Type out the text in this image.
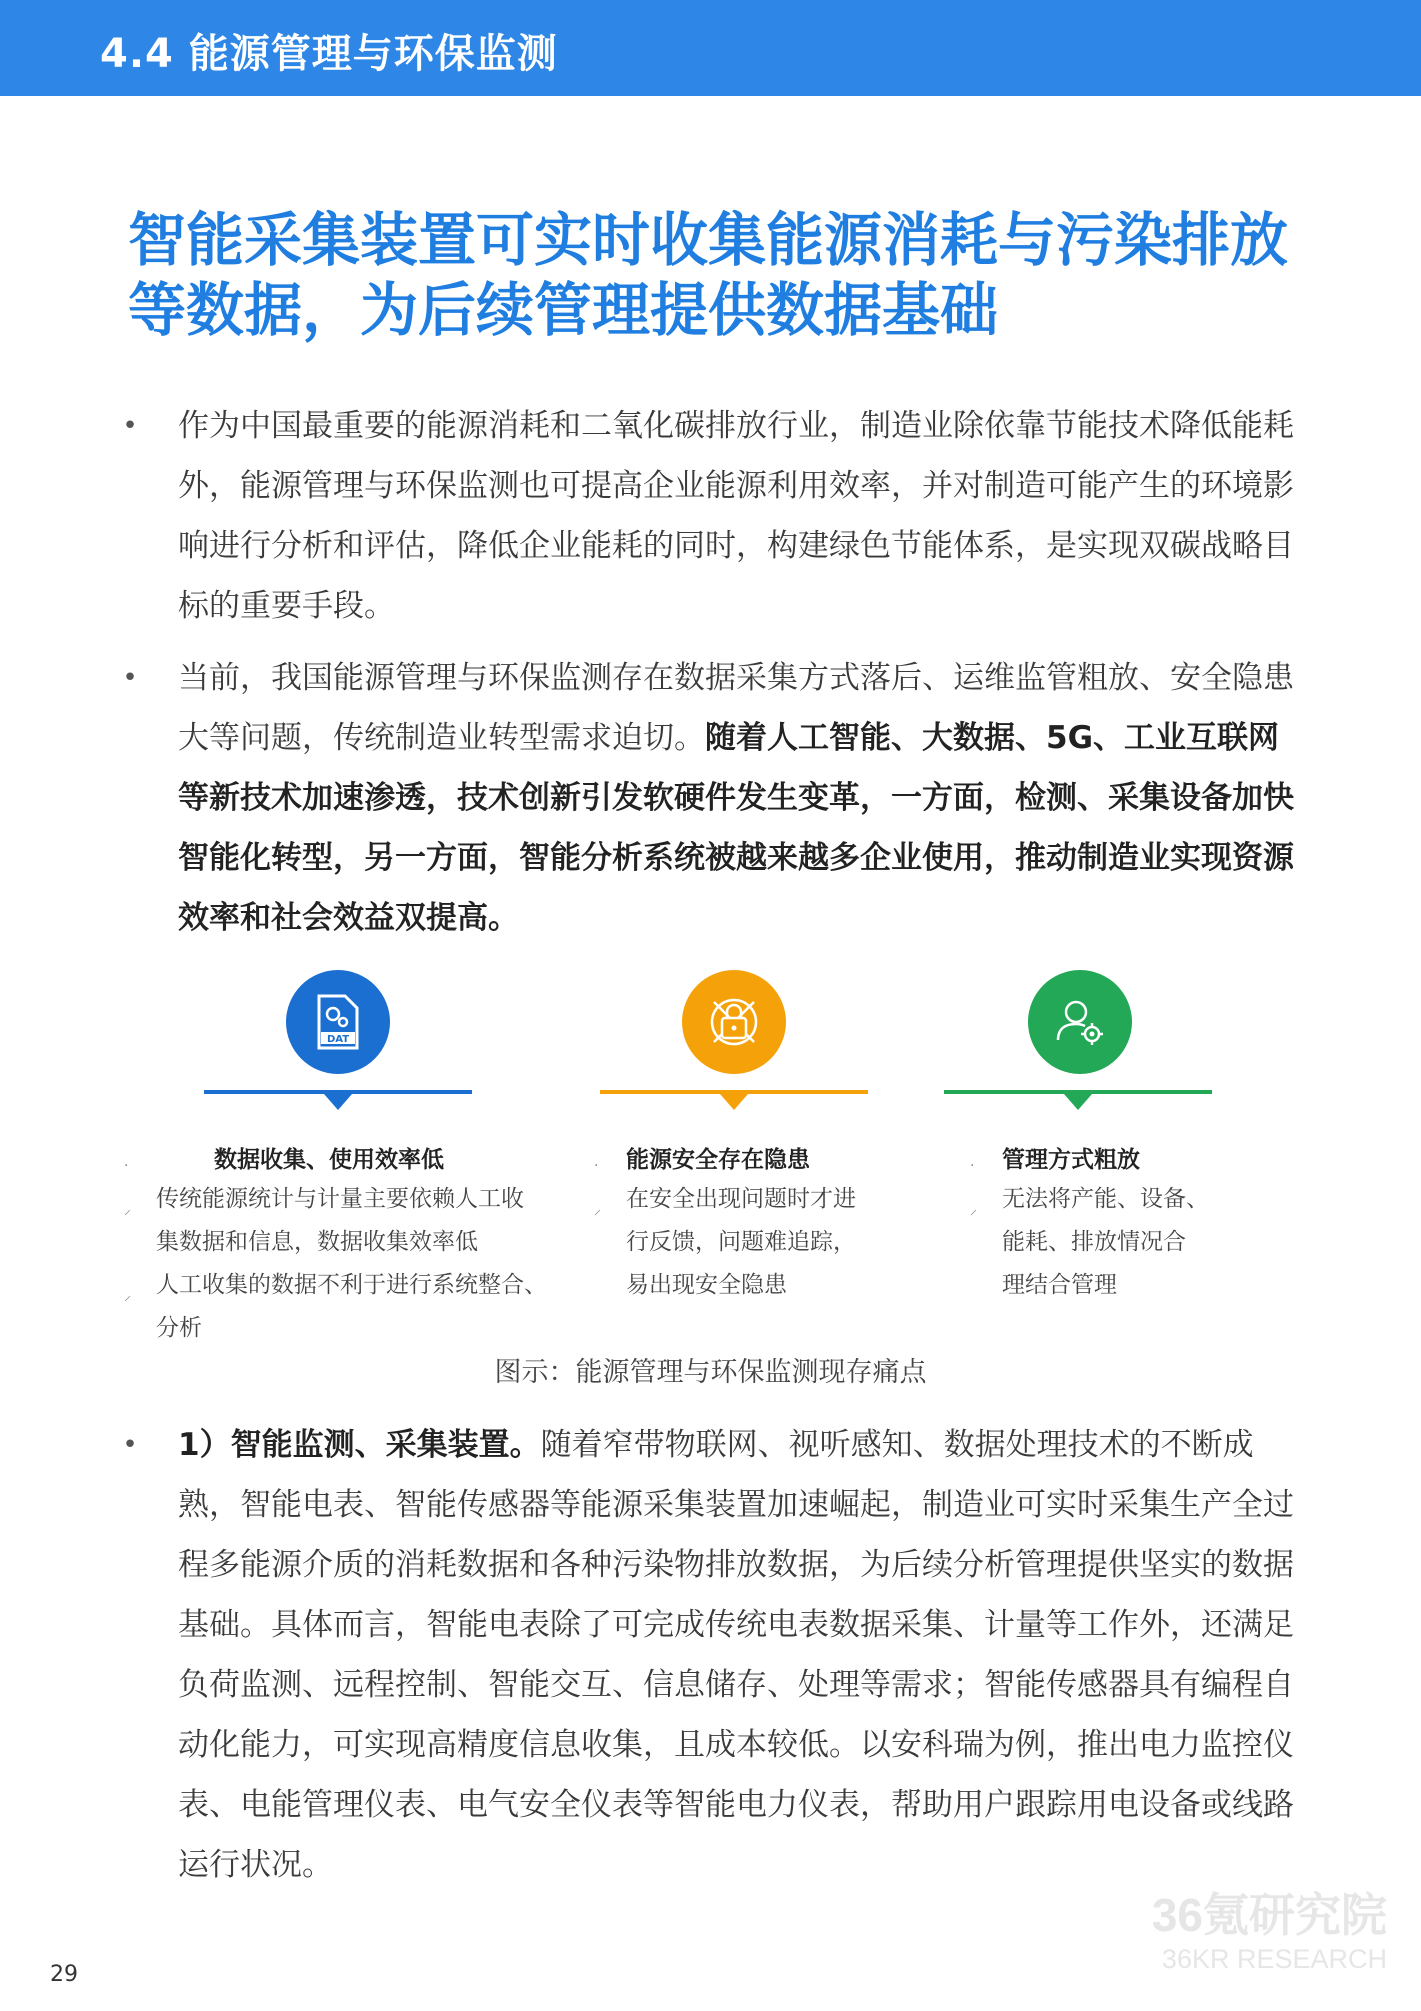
4.4 能源管理与环保监测
智能采集装置可实时收集能源消耗与污染排放
等数据，为后续管理提供数据基础
• 作为中国最重要的能源消耗和二氧化碳排放行业，制造业除依靠节能技术降低能耗外，能源管理与环保监测也可提高企业能源利用效率，并对制造可能产生的环境影响进行分析和评估，降低企业能耗的同时，构建绿色节能体系，是实现双碳战略目标的重要手段。
• 当前，我国能源管理与环保监测存在数据采集方式落后、运维监管粗放、安全隐患大等问题，传统制造业转型需求迫切。随着人工智能、大数据、5G、工业互联网等新技术加速渗透，技术创新引发软硬件发生变革，一方面，检测、采集设备加快智能化转型，另一方面，智能分析系统被越来越多企业使用，推动制造业实现资源效率和社会效益双提高。
DAT
·	数据收集、使用效率低
⸝
⸝
传统能源统计与计量主要依赖人工收
集数据和信息，数据收集效率低
人工收集的数据不利于进行系统整合、
分析
· 能源安全存在隐患
⸝ 在安全出现问题时才进
行反馈，问题难追踪，
易出现安全隐患
· 管理方式粗放
⸝ 无法将产能、设备、
能耗、排放情况合
理结合管理
图示：能源管理与环保监测现存痛点
• 1）智能监测、采集装置。随着窄带物联网、视听感知、数据处理技术的不断成熟，智能电表、智能传感器等能源采集装置加速崛起，制造业可实时采集生产全过程多能源介质的消耗数据和各种污染物排放数据，为后续分析管理提供坚实的数据基础。具体而言，智能电表除了可完成传统电表数据采集、计量等工作外，还满足负荷监测、远程控制、智能交互、信息储存、处理等需求；智能传感器具有编程自动化能力，可实现高精度信息收集，且成本较低。以安科瑞为例，推出电力监控仪表、电能管理仪表、电气安全仪表等智能电力仪表，帮助用户跟踪用电设备或线路运行状况。
36氪研究院
36KR RESEARCH
29
